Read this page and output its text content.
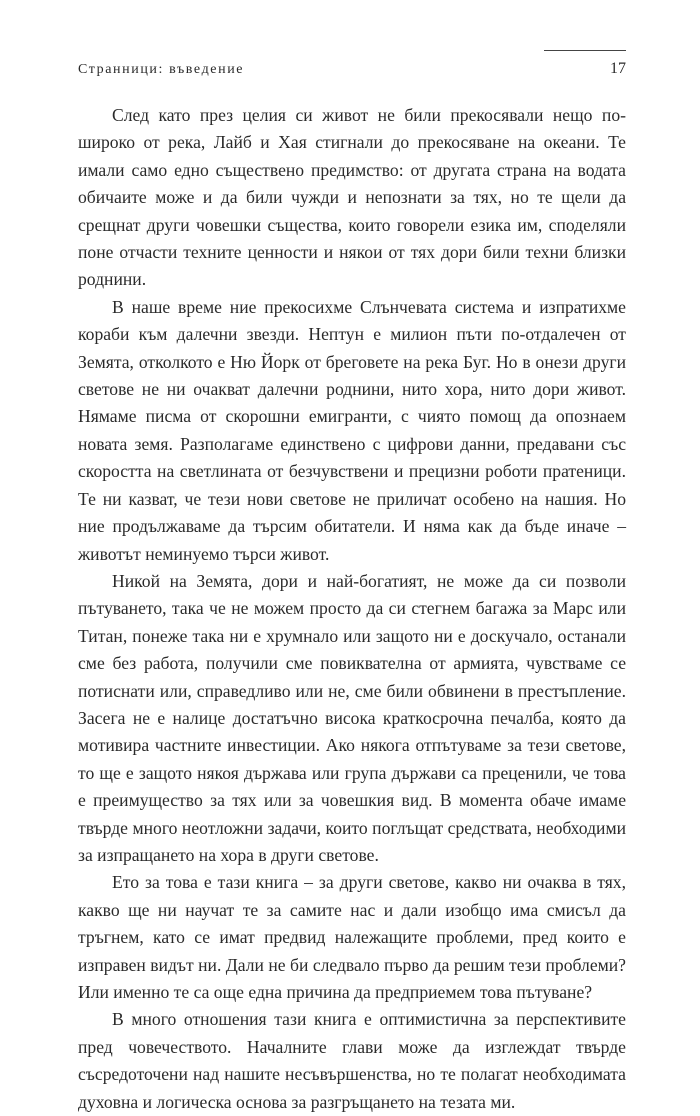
Странници: въведение	17

След като през целия си живот не били прекосявали нещо по-широко от река, Лайб и Хая стигнали до прекосяване на океани. Те имали само едно съществено предимство: от другата страна на водата обичаите може и да били чужди и непознати за тях, но те щели да срещнат други човешки същества, които говорели езика им, споделяли поне отчасти техните ценности и някои от тях дори били техни близки роднини.

В наше време ние прекосихме Слънчевата система и изпратихме кораби към далечни звезди. Нептун е милион пъти по-отдалечен от Земята, отколкото е Ню Йорк от бреговете на река Буг. Но в онези други светове не ни очакват далечни роднини, нито хора, нито дори живот. Нямаме писма от скорошни емигранти, с чиято помощ да опознаем новата земя. Разполагаме единствено с цифрови данни, предавани със скоростта на светлината от безчувствени и прецизни роботи пратеници. Те ни казват, че тези нови светове не приличат особено на нашия. Но ние продължаваме да търсим обитатели. И няма как да бъде иначе – животът неминуемо търси живот.

Никой на Земята, дори и най-богатият, не може да си позволи пътуването, така че не можем просто да си стегнем багажа за Марс или Титан, понеже така ни е хрумнало или защото ни е доскучало, останали сме без работа, получили сме повиквателна от армията, чувстваме се потиснати или, справедливо или не, сме били обвинени в престъпление. Засега не е налице достатъчно висока краткосрочна печалба, която да мотивира частните инвестиции. Ако някога отпътуваме за тези светове, то ще е защото някоя държава или група държави са преценили, че това е преимущество за тях или за човешкия вид. В момента обаче имаме твърде много неотложни задачи, които поглъщат средствата, необходими за изпращането на хора в други светове.

Ето за това е тази книга – за други светове, какво ни очаква в тях, какво ще ни научат те за самите нас и дали изобщо има смисъл да тръгнем, като се имат предвид належащите проблеми, пред които е изправен видът ни. Дали не би следвало първо да решим тези проблеми? Или именно те са още една причина да предприемем това пътуване?

В много отношения тази книга е оптимистична за перспективите пред човечеството. Началните глави може да изглеждат твърде съсредоточени над нашите несъвършенства, но те полагат необходимата духовна и логическа основа за разгръщането на тезата ми.
